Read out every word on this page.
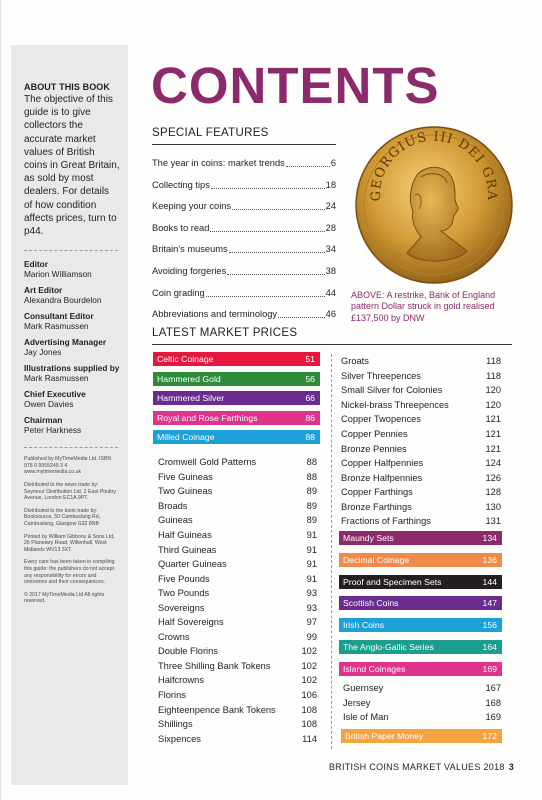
ABOUT THIS BOOK
The objective of this guide is to give collectors the accurate market values of British coins in Great Britain, as sold by most dealers. For details of how condition affects prices, turn to p44.
Editor
Marion Williamson
Art Editor
Alexandra Bourdelon
Consultant Editor
Mark Rasmussen
Advertising Manager
Jay Jones
Illustrations supplied by
Mark Rasmussen
Chief Executive
Owen Davies
Chairman
Peter Harkness
Published by MyTimeMedia Ltd. ISBN 978 0 9955249 3 4 www.mytimemedia.co.uk
Distributed to the news trade by: Seymour Distribution Ltd, 2 East Poultry Avenue, London EC1A 9PT.
Distributed to the book trade by: Booksource, 50 Cambuslang Rd, Cambuslang, Glasgow G32 8NB
Printed by William Gibbons & Sons Ltd, 26 Planetary Road, Willenhall, West Midlands WV13 3XT.
Every care has been taken in compiling this guide: the publishers do not accept any responsibility for errors and omissions and their consequences.
© 2017 MyTimeMedia Ltd All rights reserved.
CONTENTS
SPECIAL FEATURES
The year in coins: market trends	6
Collecting tips	18
Keeping your coins	24
Books to read	28
Britain's museums	34
Avoiding forgeries	38
Coin grading	44
Abbreviations and terminology	46
GEORGIUS III DEI GRA
ABOVE: A restrike, Bank of England pattern Dollar struck in gold realised £137,500 by DNW
LATEST MARKET PRICES
Celtic Coinage	51
Hammered Gold	56
Hammered Silver	66
Royal and Rose Farthings	86
Milled Coinage	88
Cromwell Gold Patterns	88
Five Guineas	88
Two Guineas	89
Broads	89
Guineas	89
Half Guineas	91
Third Guineas	91
Quarter Guineas	91
Five Pounds	91
Two Pounds	93
Sovereigns	93
Half Sovereigns	97
Crowns	99
Double Florins	102
Three Shilling Bank Tokens	102
Halfcrowns	102
Florins	106
Eighteenpence Bank Tokens	108
Shillings	108
Sixpences	114
Groats	118
Silver Threepences	118
Small Silver for Colonies	120
Nickel-brass Threepences	120
Copper Twopences	121
Copper Pennies	121
Bronze Pennies	121
Copper Halfpennies	124
Bronze Halfpennies	126
Copper Farthings	128
Bronze Farthings	130
Fractions of Farthings	131
Maundy Sets	134
Decimal Coinage	136
Proof and Specimen Sets	144
Scottish Coins	147
Irish Coins	156
The Anglo-Gallic Series	164
Island Coinages	169
Guernsey	167
Jersey	168
Isle of Man	169
British Paper Money	172
BRITISH COINS MARKET VALUES 2018 3
